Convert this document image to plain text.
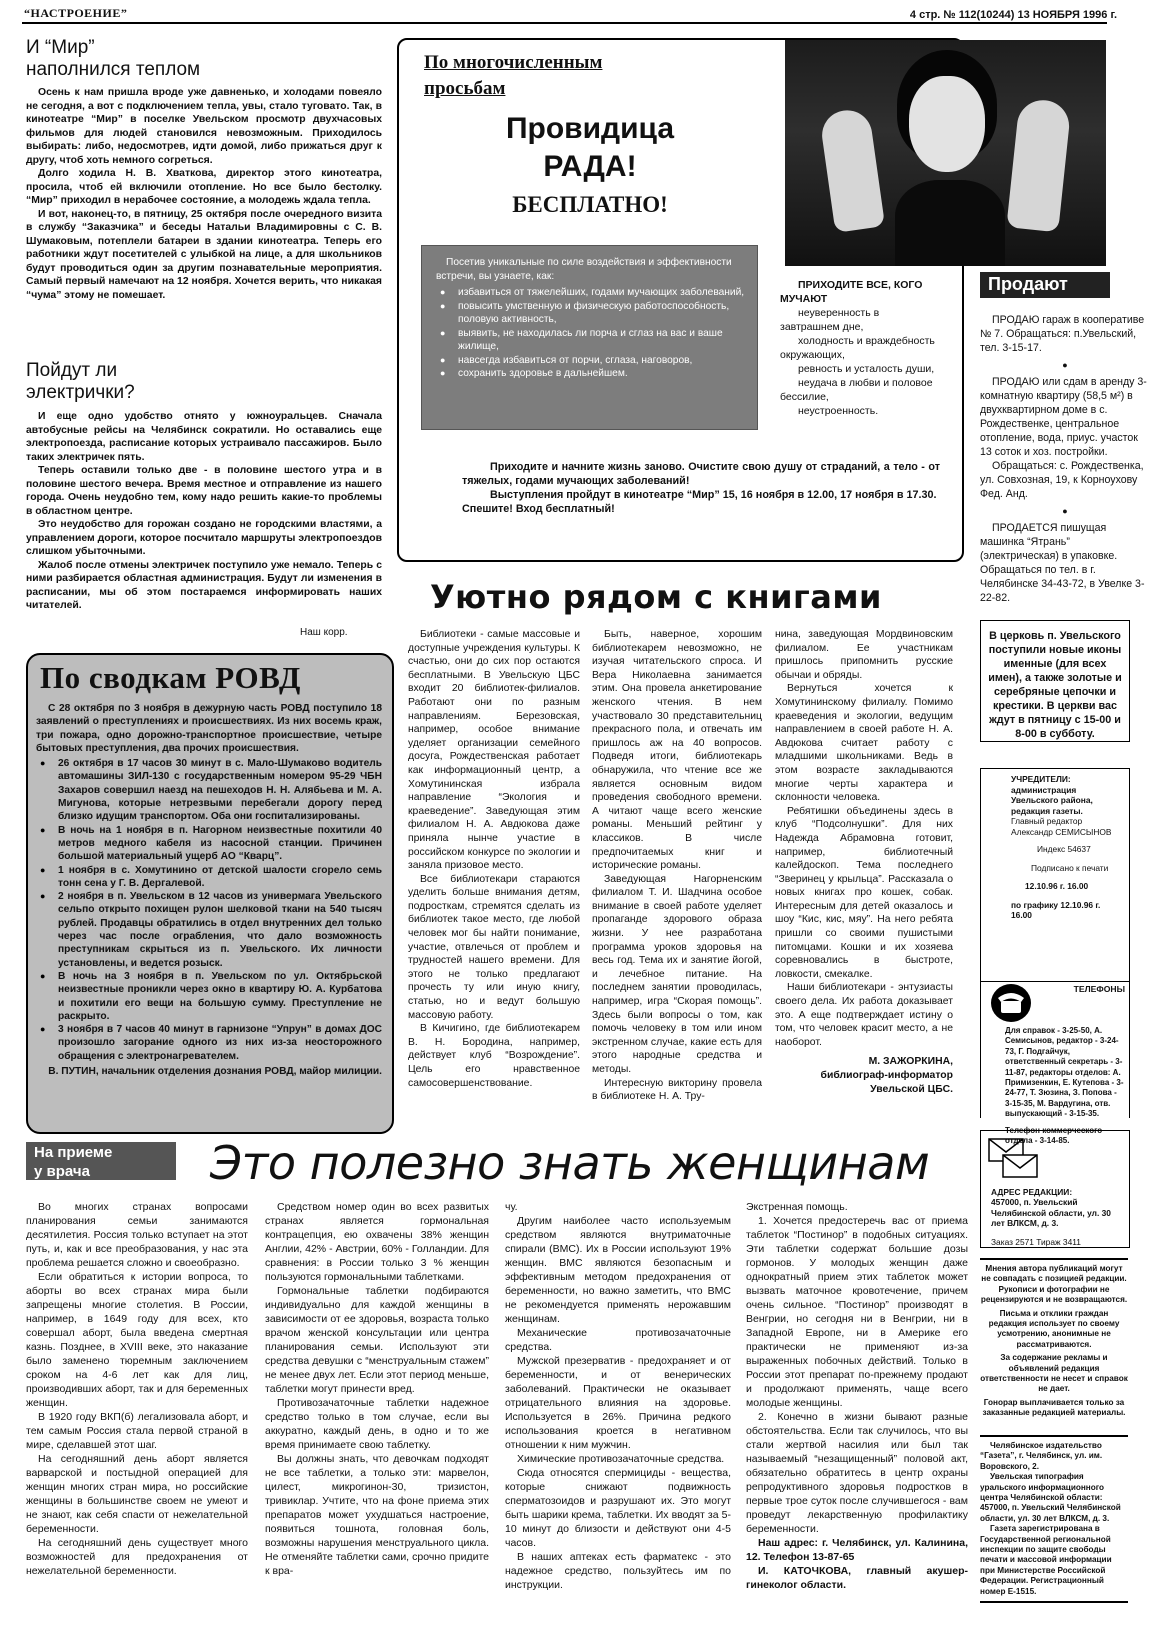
“НАСТРОЕНИЕ”	4 стр. № 112(10244) 13 НОЯБРЯ 1996 г.
И “Мир”
наполнился теплом

Осень к нам пришла вроде уже давненько, и холодами повеяло не сегодня, а вот с подключением тепла, увы, стало туговато. Так, в кинотеатре “Мир” в поселке Увельском просмотр двухчасовых фильмов для людей становился невозможным. Приходилось выбирать: либо, недосмотрев, идти домой, либо прижаться друг к другу, чтоб хоть немного согреться.

Долго ходила Н. В. Хваткова, директор этого кинотеатра, просила, чтоб ей включили отопление. Но все было бестолку. “Мир” приходил в нерабочее состояние, а молодежь ждала тепла.

И вот, наконец-то, в пятницу, 25 октября после очередного визита в службу “Заказчика” и беседы Натальи Владимировны с С. В. Шумаковым, потеплели батареи в здании кинотеатра. Теперь его работники ждут посетителей с улыбкой на лице, а для школьников будут проводиться один за другим познавательные мероприятия. Самый первый намечают на 12 ноября. Хочется верить, что никакая “чума” этому не помешает.

Пойдут ли
электрички?

И еще одно удобство отнято у южноуральцев. Сначала автобусные рейсы на Челябинск сократили. Но оставались еще электропоезда, расписание которых устраивало пассажиров. Было таких электричек пять.

Теперь оставили только две - в половине шестого утра и в половине шестого вечера. Время местное и отправление из нашего города. Очень неудобно тем, кому надо решить какие-то проблемы в областном центре.

Это неудобство для горожан создано не городскими властями, а управлением дороги, которое посчитало маршруты электропоездов слишком убыточными.

Жалоб после отмены электричек поступило уже немало. Теперь с ними разбирается областная администрация. Будут ли изменения в расписании, мы об этом постараемся информировать наших читателей.

Наш корр.
По сводкам РОВД

С 28 октября по 3 ноября в дежурную часть РОВД поступило 18 заявлений о преступлениях и происшествиях. Из них восемь краж, три пожара, одно дорожно-транспортное происшествие, четыре бытовых преступления, два прочих происшествия.

● 26 октября в 17 часов 30 минут в с. Мало-Шумаково водитель автомашины ЗИЛ-130 с государственным номером 95-29 ЧБН Захаров совершил наезд на пешеходов Н. Н. Алябьева и М. А. Мигунова, которые нетрезвыми перебегали дорогу перед близко идущим транспортом. Оба они госпитализированы.
● В ночь на 1 ноября в п. Нагорном неизвестные похитили 40 метров медного кабеля из насосной станции. Причинен большой материальный ущерб АО “Кварц”.
● 1 ноября в с. Хомутинино от детской шалости сгорело семь тонн сена у Г. В. Дергалевой.
● 2 ноября в п. Увельском в 12 часов из универмага Увельского сельпо открыто похищен рулон шелковой ткани на 540 тысяч рублей. Продавцы обратились в отдел внутренних дел только через час после ограбления, что дало возможность преступникам скрыться из п. Увельского. Их личности установлены, и ведется розыск.
● В ночь на 3 ноября в п. Увельском по ул. Октябрьской неизвестные проникли через окно в квартиру Ю. А. Курбатова и похитили его вещи на большую сумму. Преступление не раскрыто.
● 3 ноября в 7 часов 40 минут в гарнизоне “Упрун” в домах ДОС произошло загорание одного из них из-за неосторожного обращения с электронагревателем.

В. ПУТИН, начальник отделения дознания РОВД, майор милиции.

По многочисленным
просьбам
Провидица
РАДА!
БЕСПЛАТНО!

Посетив уникальные по силе воздействия и эффективности встречи, вы узнаете, как:

● избавиться от тяжелейших, годами мучающих заболеваний,
● повысить умственную и физическую работоспособность, половую активность,
● выявить, не находилась ли порча и сглаз на вас и ваше жилище,
● навсегда избавиться от порчи, сглаза, наговоров,
● сохранить здоровье в дальнейшем.

ПРИХОДИТЕ ВСЕ, КОГО МУЧАЮТ

неуверенность в завтрашнем дне,

холодность и враждебность окружающих,

ревность и усталость души,

неудача в любви и половое бессилие,

неустроенность.

Приходите и начните жизнь заново. Очистите свою душу от страданий, а тело - от тяжелых, годами мучающих заболеваний!

Выступления пройдут в кинотеатре “Мир” 15, 16 ноября в 12.00, 17 ноября в 17.30.

Спешите! Вход бесплатный!

Продают

ПРОДАЮ гараж в кооперативе № 7. Обращаться: п.Увельский, тел. 3-15-17.

●

ПРОДАЮ или сдам в аренду 3-комнатную квартиру (58,5 м²) в двухквартирном доме в с. Рождественке, центральное отопление, вода, приус. участок 13 соток и хоз. постройки.

Обращаться: с. Рождественка, ул. Совхозная, 19, к Корноухову Фед. Анд.

●

ПРОДАЕТСЯ пишущая машинка “Ятрань” (электрическая) в упаковке. Обращаться по тел. в г. Челябинске 34-43-72, в Увелке 3-22-82.

В церковь п. Увельского поступили новые иконы именные (для всех имен), а также золотые и серебряные цепочки и крестики. В церкви вас ждут в пятницу с 15-00 и 8-00 в субботу.

УЧРЕДИТЕЛИ: администрация Увельского района, редакция газеты.

Главный редактор Александр СЕМИСЫНОВ

Индекс 54637

Подписано к печати

12.10.96 г. 16.00

по графику 12.10.96 г. 16.00

ТЕЛЕФОНЫ

Для справок - 3-25-50, А. Семисынов, редактор - 3-24-73, Г. Подгайчук, ответственный секретарь - 3-11-87, редакторы отделов: А. Примизенкин, Е. Кутепова - 3-24-77, Т. Зюзина, З. Попова - 3-15-35, М. Вардугина, отв. выпускающий - 3-15-35.

Телефон коммерческого отдела - 3-14-85.

АДРЕС РЕДАКЦИИ:

457000, п. Увельский Челябинской области, ул. 30 лет ВЛКСМ, д. 3.

Заказ 2571 Тираж 3411

Мнения автора публикаций могут не совпадать с позицией редакции. Рукописи и фотографии не рецензируются и не возвращаются.

Письма и отклики граждан редакция использует по своему усмотрению, анонимные не рассматриваются.

За содержание рекламы и объявлений редакция ответственности не несет и справок не дает.

Гонорар выплачивается только за заказанные редакцией материалы.

Челябинское издательство “Газета”, г. Челябинск, ул. им. Воровского, 2.

Увельская типография уральского информационного центра Челябинской области: 457000, п. Увельский Челябинской области, ул. 30 лет ВЛКСМ, д. 3.

Газета зарегистрирована в Государственной региональной инспекции по защите свободы печати и массовой информации при Министерстве Российской Федерации. Регистрационный номер Е-1515.

Уютно рядом с книгами

Библиотеки - самые массовые и доступные учреждения культуры. К счастью, они до сих пор остаются бесплатными. В Увельскую ЦБС входит 20 библиотек-филиалов. Работают они по разным направлениям. Березовская, например, особое внимание уделяет организации семейного досуга, Рождественская работает как информационный центр, а Хомутининская избрала направление “Экология и краеведение”. Заведующая этим филиалом Н. А. Авдюкова даже приняла нынче участие в российском конкурсе по экологии и заняла призовое место.

Все библиотекари стараются уделить больше внимания детям, подросткам, стремятся сделать из библиотек такое место, где любой человек мог бы найти понимание, участие, отвлечься от проблем и трудностей нашего времени. Для этого не только предлагают прочесть ту или иную книгу, статью, но и ведут большую массовую работу.

В Кичигино, где библиотекарем В. Н. Бородина, например, действует клуб “Возрождение”. Цель его нравственное самосовершенствование.

Быть, наверное, хорошим библиотекарем невозможно, не изучая читательского спроса. И Вера Николаевна занимается этим. Она провела анкетирование женского чтения. В нем участвовало 30 представительниц прекрасного пола, и отвечать им пришлось аж на 40 вопросов. Подведя итоги, библиотекарь обнаружила, что чтение все же является основным видом проведения свободного времени. А читают чаще всего женские романы. Меньший рейтинг у классиков. В числе предпочитаемых книг и исторические романы.

Заведующая Нагорненским филиалом Т. И. Шадчина особое внимание в своей работе уделяет пропаганде здорового образа жизни. У нее разработана программа уроков здоровья на весь год. Тема их и занятие йогой, и лечебное питание. На последнем занятии проводилась, например, игра “Скорая помощь”. Здесь были вопросы о том, как помочь человеку в том или ином экстренном случае, какие есть для этого народные средства и методы.

Интересную викторину провела в библиотеке Н. А. Тру-

нина, заведующая Мордвиновским филиалом. Ее участникам пришлось припомнить русские обычаи и обряды.

Вернуться хочется к Хомутининскому филиалу. Помимо краеведения и экологии, ведущим направлением в своей работе Н. А. Авдюкова считает работу с младшими школьниками. Ведь в этом возрасте закладываются многие черты характера и склонности человека.

Ребятишки объединены здесь в клуб “Подсолнушки”. Для них Надежда Абрамовна готовит, например, библиотечный калейдоскоп. Тема последнего “Зверинец у крыльца”. Рассказала о новых книгах про кошек, собак. Интересным для детей оказалось и шоу “Кис, кис, мяу”. На него ребята пришли со своими пушистыми питомцами. Кошки и их хозяева соревновались в быстроте, ловкости, смекалке.

Наши библиотекари - энтузиасты своего дела. Их работа доказывает это. А еще подтверждает истину о том, что человек красит место, а не наоборот.

М. ЗАЖОРКИНА,

библиограф-информатор Увельской ЦБС.

На приеме
у врача	Это полезно знать женщинам

Во многих странах вопросами планирования семьи занимаются десятилетия. Россия только вступает на этот путь, и, как и все преобразования, у нас эта проблема решается сложно и своеобразно.

Если обратиться к истории вопроса, то аборты во всех странах мира были запрещены многие столетия. В России, например, в 1649 году для всех, кто совершал аборт, была введена смертная казнь. Позднее, в XVIII веке, это наказание было заменено тюремным заключением сроком на 4-6 лет как для лиц, производивших аборт, так и для беременных женщин.

В 1920 году ВКП(б) легализовала аборт, и тем самым Россия стала первой страной в мире, сделавшей этот шаг.

На сегодняшний день аборт является варварской и постыдной операцией для женщин многих стран мира, но российские женщины в большинстве своем не умеют и не знают, как себя спасти от нежелательной беременности.

На сегодняшний день существует много возможностей для предохранения от нежелательной беременности.

Средством номер один во всех развитых странах является гормональная контрацепция, ею охвачены 38% женщин Англии, 42% - Австрии, 60% - Голландии. Для сравнения: в России только 3 % женщин пользуются гормональными таблетками.

Гормональные таблетки подбираются индивидуально для каждой женщины в зависимости от ее здоровья, возраста только врачом женской консультации или центра планирования семьи. Используют эти средства девушки с “менструальным стажем” не менее двух лет. Если этот период меньше, таблетки могут принести вред.

Противозачаточные таблетки надежное средство только в том случае, если вы аккуратно, каждый день, в одно и то же время принимаете свою таблетку.

Вы должны знать, что девочкам подходят не все таблетки, а только эти: марвелон, цилест, микрогинон-30, тризистон, тривиклар. Учтите, что на фоне приема этих препаратов может ухудшаться настроение, появиться тошнота, головная боль, возможны нарушения менструального цикла. Не отменяйте таблетки сами, срочно придите к вра-

чу.

Другим наиболее часто используемым средством являются внутриматочные спирали (ВМС). Их в России используют 19% женщин. ВМС являются безопасным и эффективным методом предохранения от беременности, но важно заметить, что ВМС не рекомендуется применять нерожавшим женщинам.

Механические противозачаточные средства.

Мужской презерватив - предохраняет и от беременности, и от венерических заболеваний. Практически не оказывает отрицательного влияния на здоровье. Используется в 26%. Причина редкого использования кроется в негативном отношении к ним мужчин.

Химические противозачаточные средства.

Сюда относятся спермициды - вещества, которые снижают подвижность сперматозоидов и разрушают их. Это могут быть шарики крема, таблетки. Их вводят за 5-10 минут до близости и действуют они 4-5 часов.

В наших аптеках есть фарматекс - это надежное средство, пользуйтесь им по инструкции.

Экстренная помощь.

1. Хочется предостеречь вас от приема таблеток “Постинор” в подобных ситуациях. Эти таблетки содержат большие дозы гормонов. У молодых женщин даже однократный прием этих таблеток может вызвать маточное кровотечение, причем очень сильное. “Постинор” производят в Венгрии, но сегодня ни в Венгрии, ни в Западной Европе, ни в Америке его практически не применяют из-за выраженных побочных действий. Только в России этот препарат по-прежнему продают и продолжают применять, чаще всего молодые женщины.

2. Конечно в жизни бывают разные обстоятельства. Если так случилось, что вы стали жертвой насилия или был так называемый “незащищенный” половой акт, обязательно обратитесь в центр охраны репродуктивного здоровья подростков в первые трое суток после случившегося - вам проведут лекарственную профилактику беременности.

Наш адрес: г. Челябинск, ул. Калинина, 12. Телефон 13-87-65

И. КАТОЧКОВА, главный акушер-гинеколог области.
